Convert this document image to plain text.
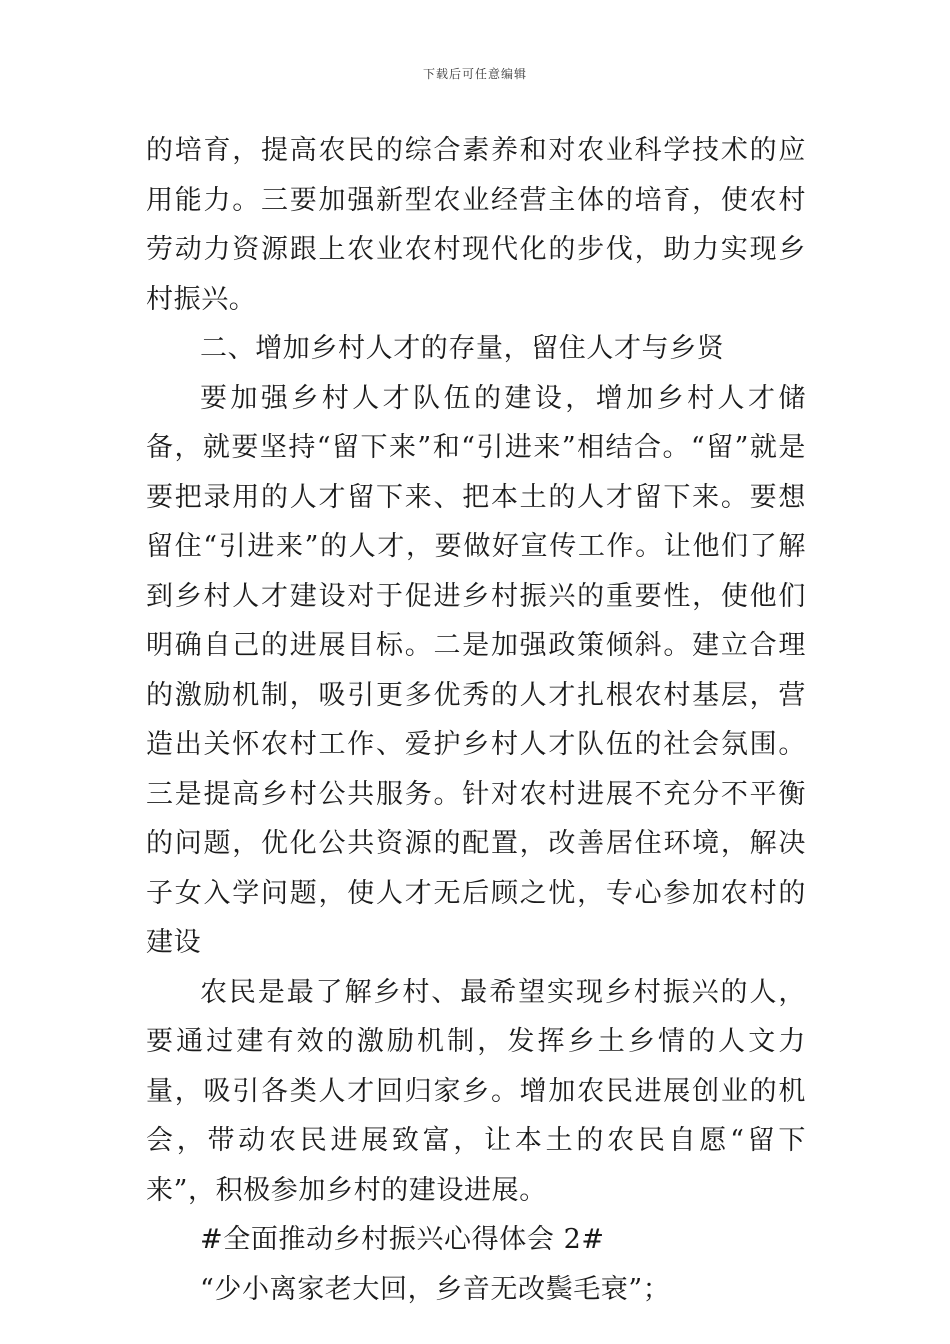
下载后可任意编辑

的培育，提高农民的综合素养和对农业科学技术的应用能力。三要加强新型农业经营主体的培育，使农村劳动力资源跟上农业农村现代化的步伐，助力实现乡村振兴。

二、增加乡村人才的存量，留住人才与乡贤

要加强乡村人才队伍的建设，增加乡村人才储备，就要坚持“留下来”和“引进来”相结合。“留”就是要把录用的人才留下来、把本土的人才留下来。要想留住“引进来”的人才，要做好宣传工作。让他们了解到乡村人才建设对于促进乡村振兴的重要性，使他们明确自己的进展目标。二是加强政策倾斜。建立合理的激励机制，吸引更多优秀的人才扎根农村基层，营造出关怀农村工作、爱护乡村人才队伍的社会氛围。三是提高乡村公共服务。针对农村进展不充分不平衡的问题，优化公共资源的配置，改善居住环境，解决子女入学问题，使人才无后顾之忧，专心参加农村的建设

农民是最了解乡村、最希望实现乡村振兴的人，要通过建有效的激励机制，发挥乡土乡情的人文力量，吸引各类人才回归家乡。增加农民进展创业的机会，带动农民进展致富，让本土的农民自愿“留下来”，积极参加乡村的建设进展。

#全面推动乡村振兴心得体会 2#

“少小离家老大回，乡音无改鬓毛衰”；
